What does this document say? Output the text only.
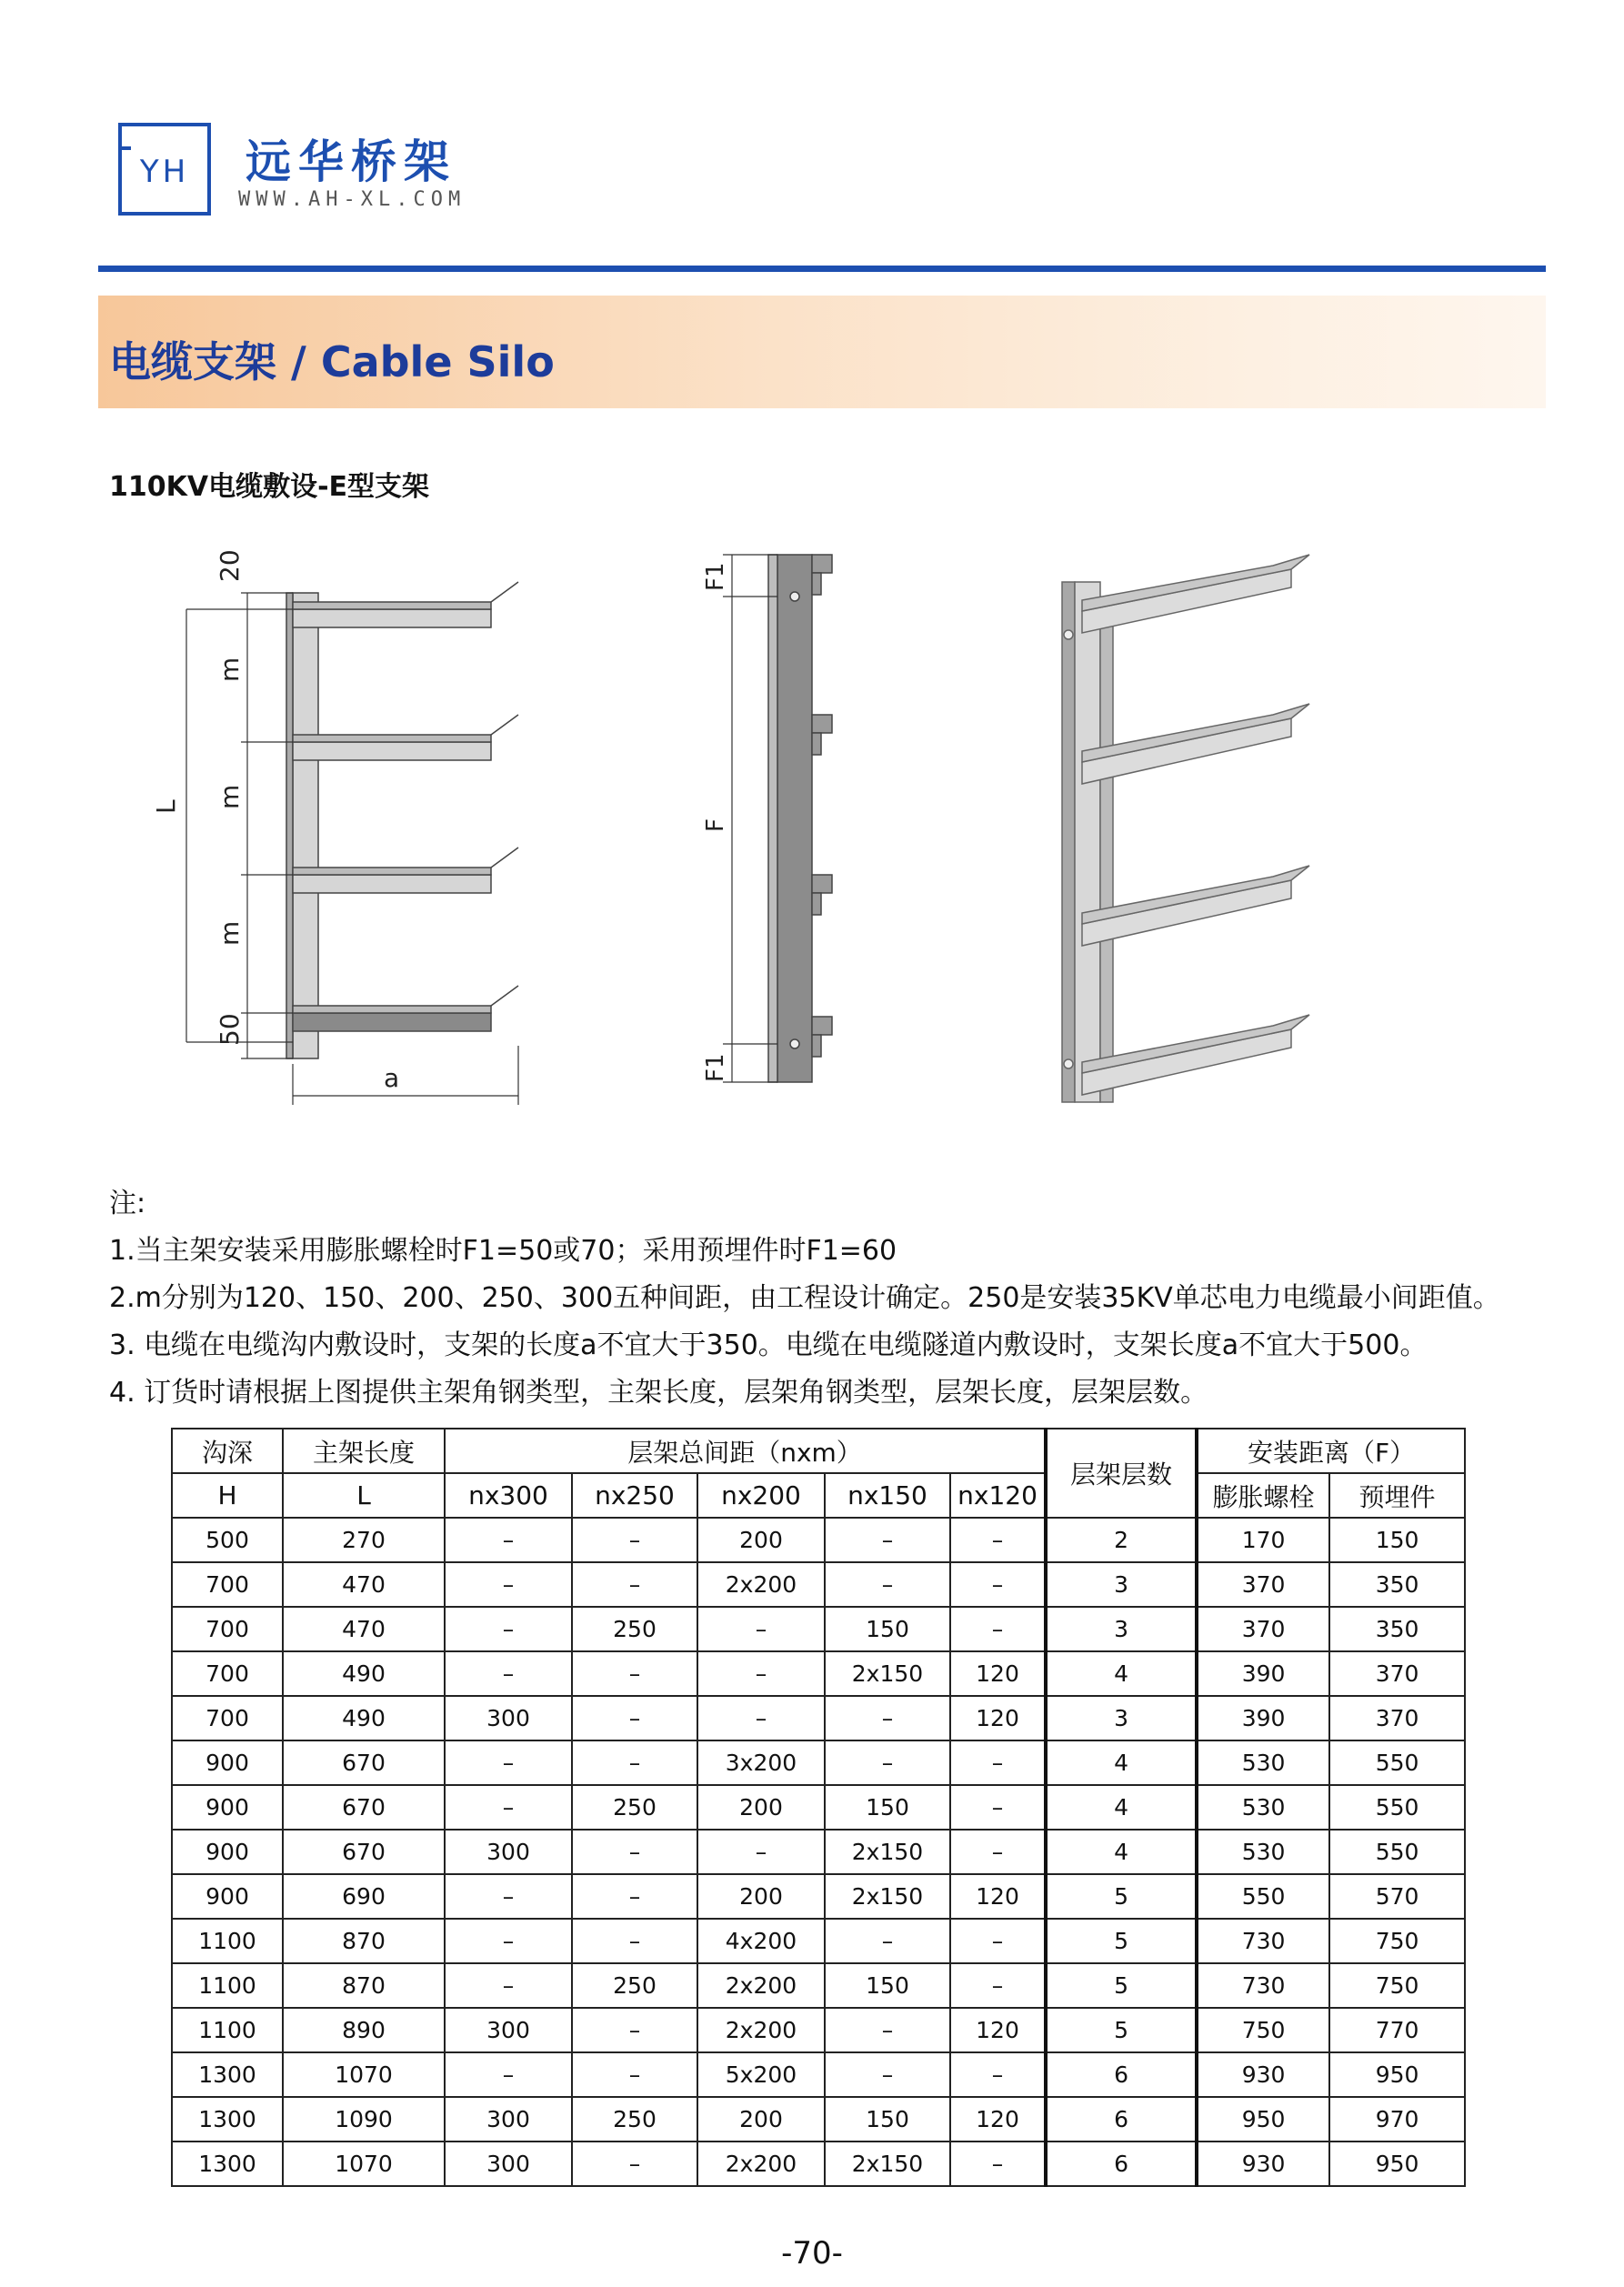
YH	远华桥架
WWW.AH-XL.COM
电缆支架 / Cable Silo
110KV电缆敷设-E型支架
20
m
m
m
50
L
a
F1
F
F1
注:
1.当主架安装采用膨胀螺栓时F1=50或70；采用预埋件时F1=60
2.m分别为120、150、200、250、300五种间距，由工程设计确定。250是安装35KV单芯电力电缆最小间距值。
3. 电缆在电缆沟内敷设时，支架的长度a不宜大于350。电缆在电缆隧道内敷设时，支架长度a不宜大于500。
4. 订货时请根据上图提供主架角钢类型，主架长度，层架角钢类型，层架长度，层架层数。
沟深	主架长度	层架总间距（nxm）					层架层数	安装距离（F）	
H	L	nx300	nx250	nx200	nx150	nx120		膨胀螺栓	预埋件
500	270	–	–	200	–	–	2	170	150
700	470	–	–	2x200	–	–	3	370	350
700	470	–	250	–	150	–	3	370	350
700	490	–	–	–	2x150	120	4	390	370
700	490	300	–	–	–	120	3	390	370
900	670	–	–	3x200	–	–	4	530	550
900	670	–	250	200	150	–	4	530	550
900	670	300	–	–	2x150	–	4	530	550
900	690	–	–	200	2x150	120	5	550	570
1100	870	–	–	4x200	–	–	5	730	750
1100	870	–	250	2x200	150	–	5	730	750
1100	890	300	–	2x200	–	120	5	750	770
1300	1070	–	–	5x200	–	–	6	930	950
1300	1090	300	250	200	150	120	6	950	970
1300	1070	300	–	2x200	2x150	–	6	930	950
-70-
